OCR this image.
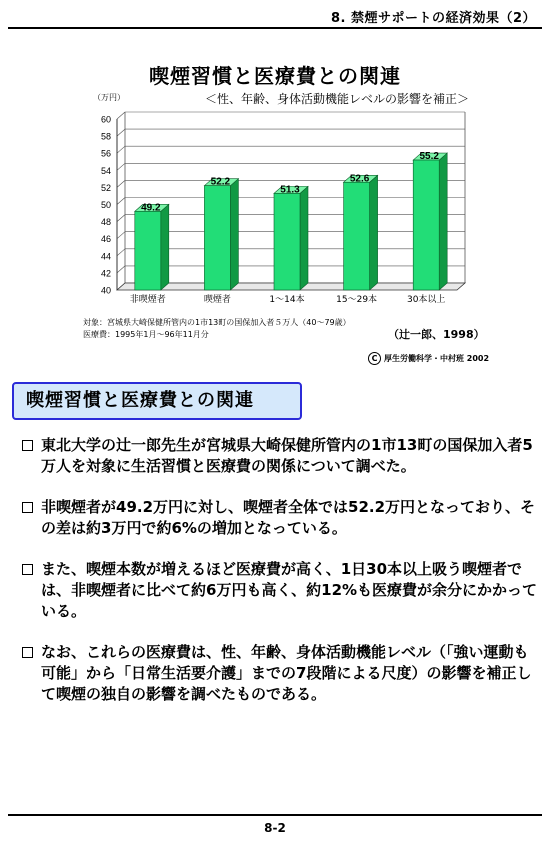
8. 禁煙サポートの経済効果（2）
喫煙習慣と医療費との関連
＜性、年齢、身体活動機能レベルの影響を補正＞
（万円）
60
58
56
54
52
50
48
46
44
42
40
49.2
非喫煙者
52.2
喫煙者
51.3
1～14本
52.6
15～29本
55.2
30本以上
対象：宮城県大崎保健所管内の1市13町の国保加入者５万人（40～79歳）
医療費：1995年1月～96年11月分	（辻一郎、1998）
C 厚生労働科学・中村班 2002
喫煙習慣と医療費との関連
東北大学の辻一郎先生が宮城県大崎保健所管内の1市13町の国保加入者5万人を対象に生活習慣と医療費の関係について調べた。
非喫煙者が49.2万円に対し、喫煙者全体では52.2万円となっており、その差は約3万円で約6%の増加となっている。
また、喫煙本数が増えるほど医療費が高く、1日30本以上吸う喫煙者では、非喫煙者に比べて約6万円も高く、約12%も医療費が余分にかかっている。
なお、これらの医療費は、性、年齢、身体活動機能レベル（「強い運動も可能」から「日常生活要介護」までの7段階による尺度）の影響を補正して喫煙の独自の影響を調べたものである。
8-2
